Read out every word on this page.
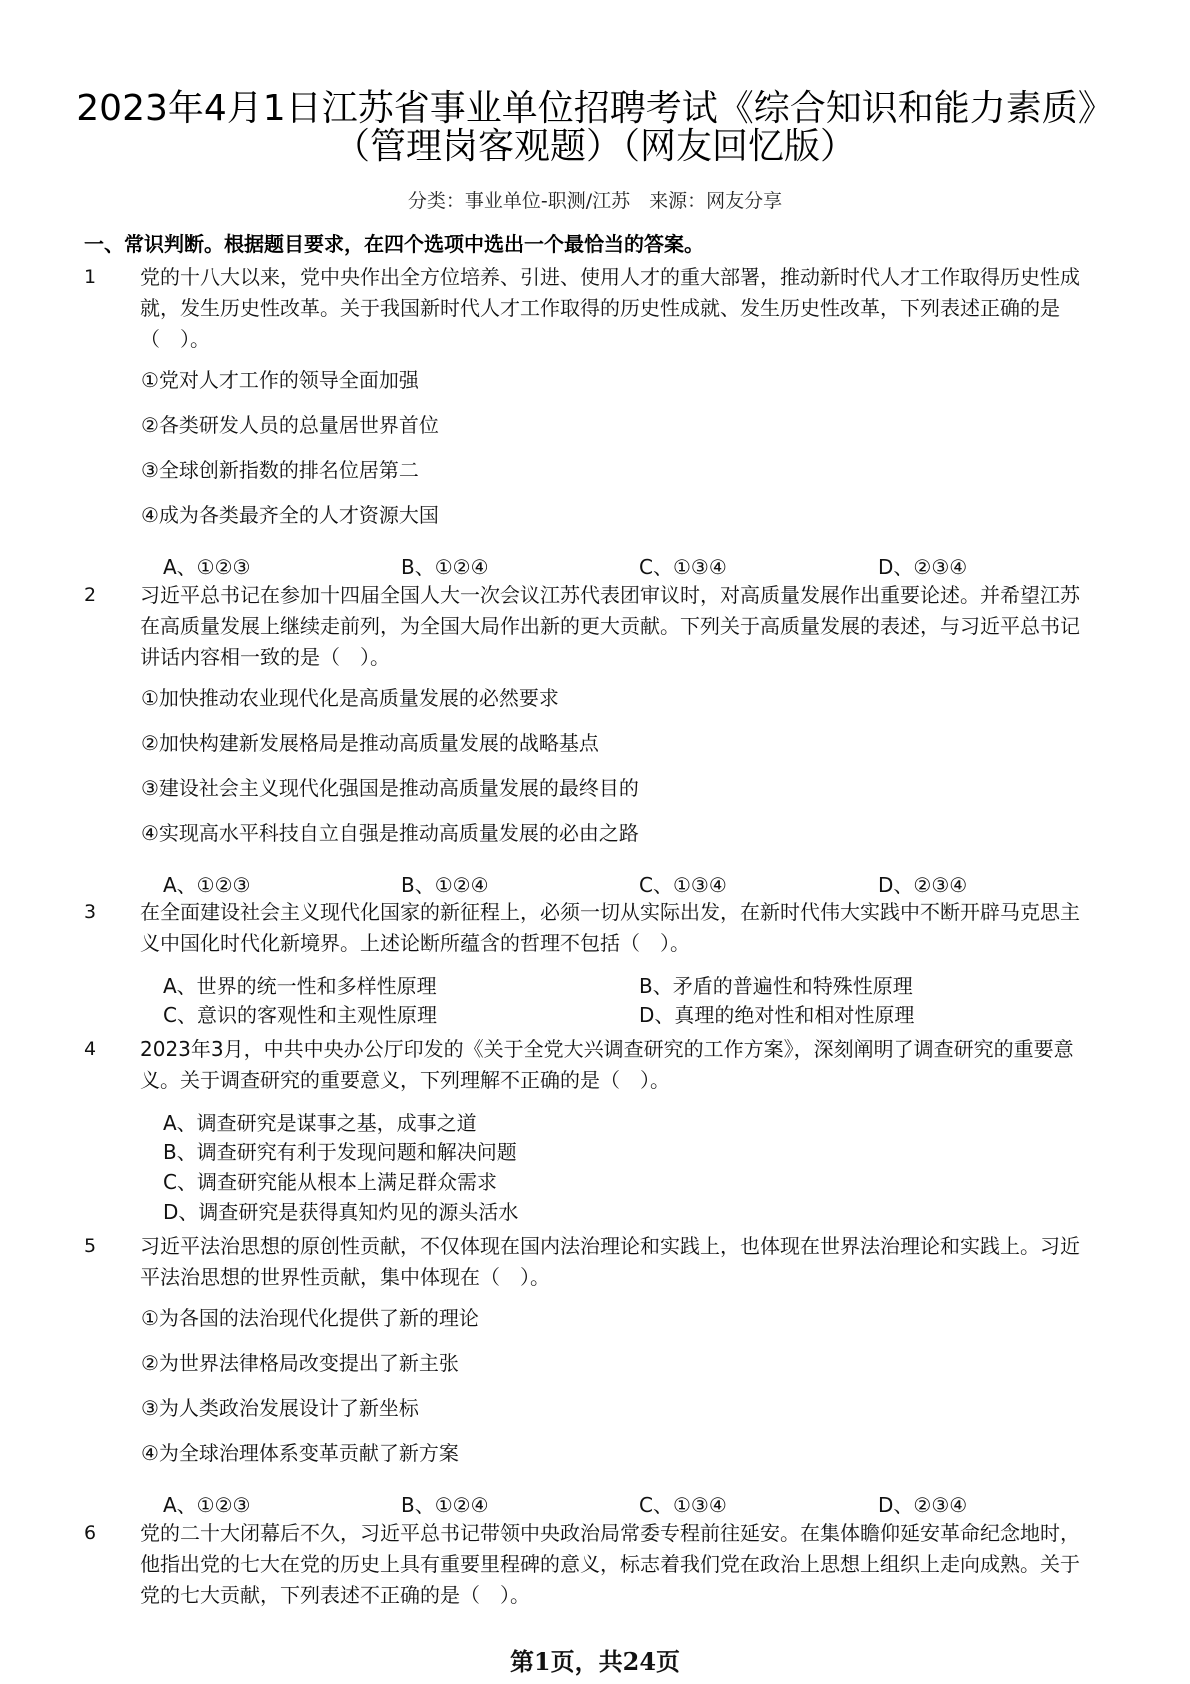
2023年4月1日江苏省事业单位招聘考试《综合知识和能力素质》
（管理岗客观题）（网友回忆版）
分类：事业单位-职测/江苏　来源：网友分享
一、常识判断。根据题目要求，在四个选项中选出一个最恰当的答案。
1	党的十八大以来，党中央作出全方位培养、引进、使用人才的重大部署，推动新时代人才工作取得历史性成就，发生历史性改革。关于我国新时代人才工作取得的历史性成就、发生历史性改革，下列表述正确的是（　）。
①党对人才工作的领导全面加强
②各类研发人员的总量居世界首位
③全球创新指数的排名位居第二
④成为各类最齐全的人才资源大国
A、①②③	B、①②④	C、①③④	D、②③④
2	习近平总书记在参加十四届全国人大一次会议江苏代表团审议时，对高质量发展作出重要论述。并希望江苏在高质量发展上继续走前列，为全国大局作出新的更大贡献。下列关于高质量发展的表述，与习近平总书记讲话内容相一致的是（　）。
①加快推动农业现代化是高质量发展的必然要求
②加快构建新发展格局是推动高质量发展的战略基点
③建设社会主义现代化强国是推动高质量发展的最终目的
④实现高水平科技自立自强是推动高质量发展的必由之路
A、①②③	B、①②④	C、①③④	D、②③④
3	在全面建设社会主义现代化国家的新征程上，必须一切从实际出发，在新时代伟大实践中不断开辟马克思主义中国化时代化新境界。上述论断所蕴含的哲理不包括（　）。
A、世界的统一性和多样性原理	B、矛盾的普遍性和特殊性原理
C、意识的客观性和主观性原理	D、真理的绝对性和相对性原理
4	2023年3月，中共中央办公厅印发的《关于全党大兴调查研究的工作方案》，深刻阐明了调查研究的重要意义。关于调查研究的重要意义，下列理解不正确的是（　）。
A、调查研究是谋事之基，成事之道
B、调查研究有利于发现问题和解决问题
C、调查研究能从根本上满足群众需求
D、调查研究是获得真知灼见的源头活水
5	习近平法治思想的原创性贡献，不仅体现在国内法治理论和实践上，也体现在世界法治理论和实践上。习近平法治思想的世界性贡献，集中体现在（　）。
①为各国的法治现代化提供了新的理论
②为世界法律格局改变提出了新主张
③为人类政治发展设计了新坐标
④为全球治理体系变革贡献了新方案
A、①②③	B、①②④	C、①③④	D、②③④
6	党的二十大闭幕后不久，习近平总书记带领中央政治局常委专程前往延安。在集体瞻仰延安革命纪念地时，他指出党的七大在党的历史上具有重要里程碑的意义，标志着我们党在政治上思想上组织上走向成熟。关于党的七大贡献，下列表述不正确的是（　）。
第1页，共24页
